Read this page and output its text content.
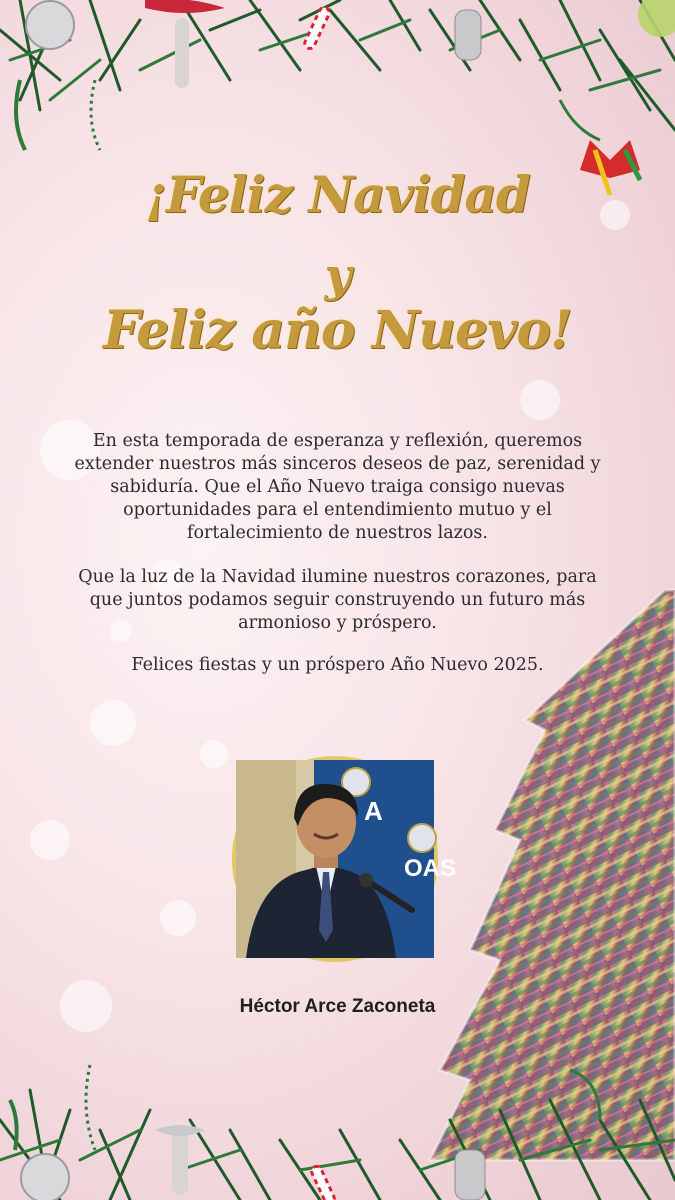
¡Feliz Navidad
y
Feliz año Nuevo!

En esta temporada de esperanza y reflexión, queremos extender nuestros más sinceros deseos de paz, serenidad y sabiduría. Que el Año Nuevo traiga consigo nuevas oportunidades para el entendimiento mutuo y el fortalecimiento de nuestros lazos.

Que la luz de la Navidad ilumine nuestros corazones, para que juntos podamos seguir construyendo un futuro más armonioso y próspero.

Felices fiestas y un próspero Año Nuevo 2025.

A
OAS
Héctor Arce Zaconeta
